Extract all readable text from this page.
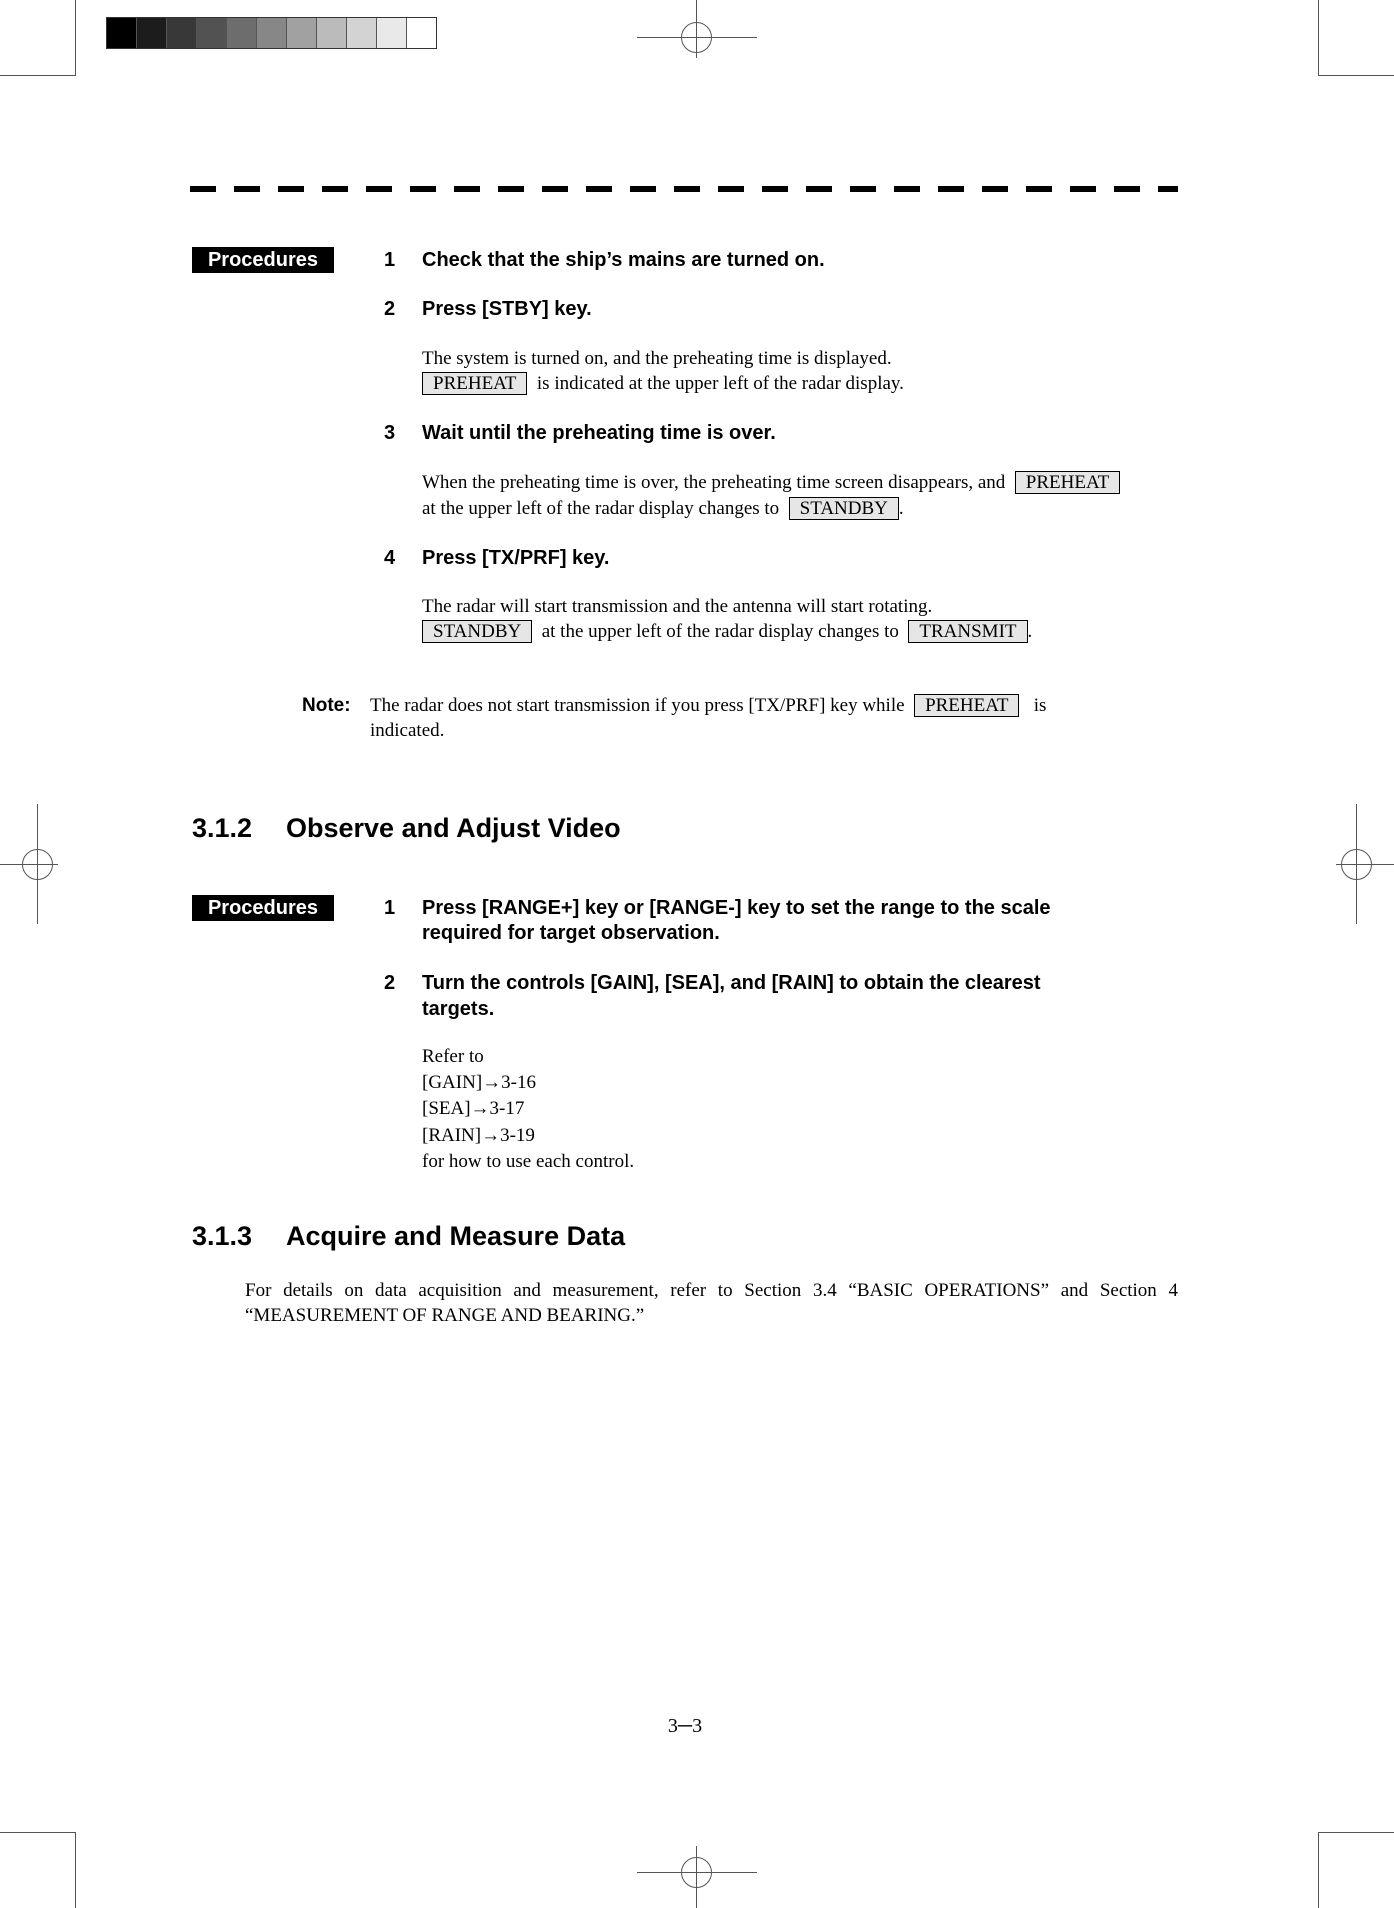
Procedures	1 Check that the ship’s mains are turned on.
2 Press [STBY] key.
The system is turned on, and the preheating time is displayed.
PREHEAT is indicated at the upper left of the radar display.
3 Wait until the preheating time is over.
When the preheating time is over, the preheating time screen disappears, and PREHEAT
at the upper left of the radar display changes to STANDBY .
4 Press [TX/PRF] key.
The radar will start transmission and the antenna will start rotating.
STANDBY at the upper left of the radar display changes to TRANSMIT .
Note: The radar does not start transmission if you press [TX/PRF] key while PREHEAT is
indicated.
3.1.2 Observe and Adjust Video
Procedures	1 Press [RANGE+] key or [RANGE-] key to set the range to the scale
required for target observation.
2 Turn the controls [GAIN], [SEA], and [RAIN] to obtain the clearest
targets.
Refer to
[GAIN]→3-16
[SEA]→3-17
[RAIN]→3-19
for how to use each control.
3.1.3 Acquire and Measure Data
For details on data acquisition and measurement, refer to Section 3.4 “BASIC OPERATIONS” and Section 4
“MEASUREMENT OF RANGE AND BEARING.”
3─3
